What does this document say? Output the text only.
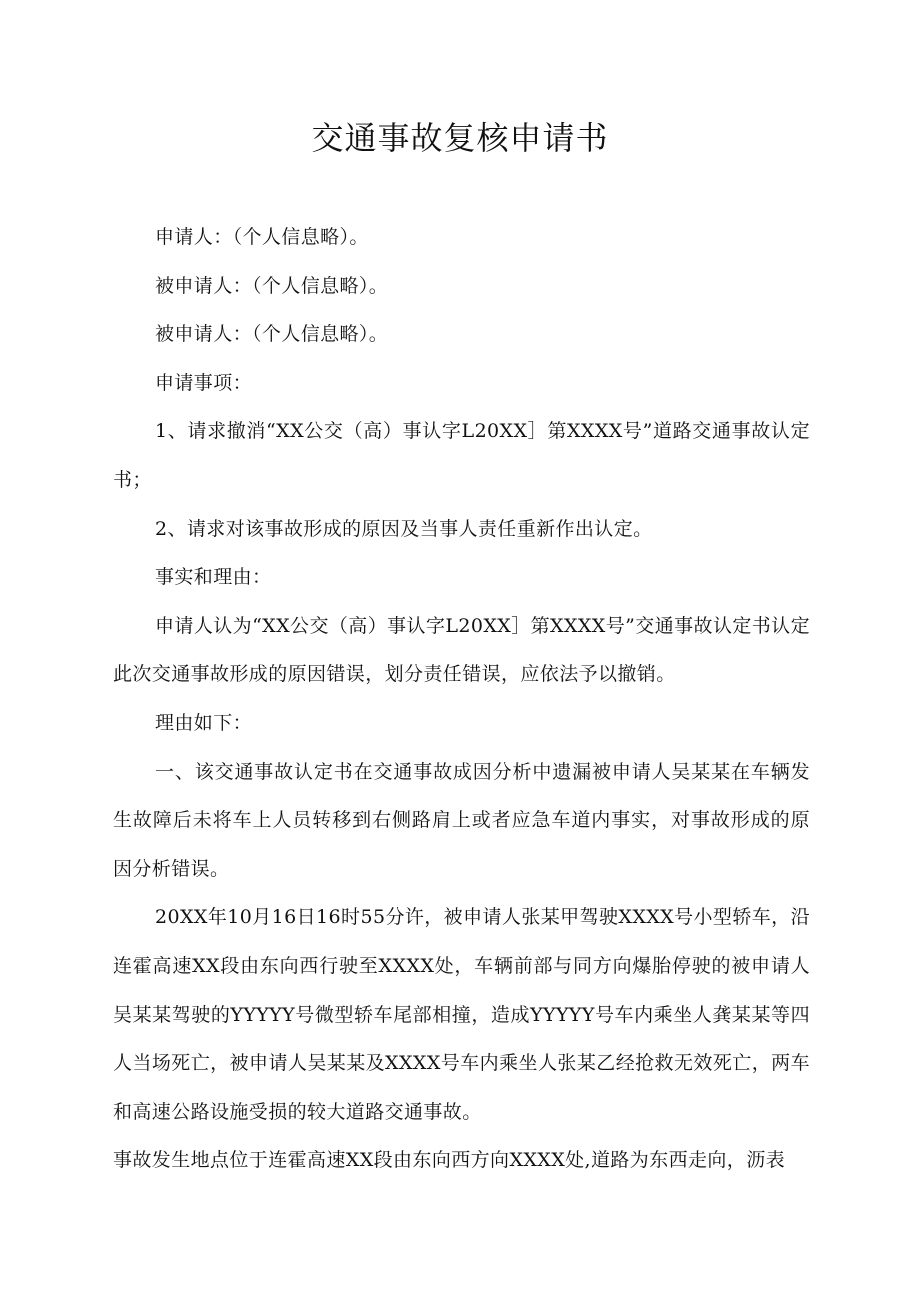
交通事故复核申请书

申请人：（个人信息略）。

被申请人：（个人信息略）。

被申请人：（个人信息略）。

申请事项：

1、请求撤消“XX公交（高）事认字L20XX］第XXXX号”道路交通事故认定书；

2、请求对该事故形成的原因及当事人责任重新作出认定。

事实和理由：

申请人认为“XX公交（高）事认字L20XX］第XXXX号”交通事故认定书认定此次交通事故形成的原因错误，划分责任错误，应依法予以撤销。

理由如下：

一、该交通事故认定书在交通事故成因分析中遗漏被申请人吴某某在车辆发生故障后未将车上人员转移到右侧路肩上或者应急车道内事实，对事故形成的原因分析错误。

20XX年10月16日16时55分许，被申请人张某甲驾驶XXXX号小型轿车，沿连霍高速XX段由东向西行驶至XXXX处，车辆前部与同方向爆胎停驶的被申请人吴某某驾驶的YYYYY号微型轿车尾部相撞，造成YYYYY号车内乘坐人龚某某等四人当场死亡，被申请人吴某某及XXXX号车内乘坐人张某乙经抢救无效死亡，两车和高速公路设施受损的较大道路交通事故。

事故发生地点位于连霍高速XX段由东向西方向XXXX处,道路为东西走向，沥表
